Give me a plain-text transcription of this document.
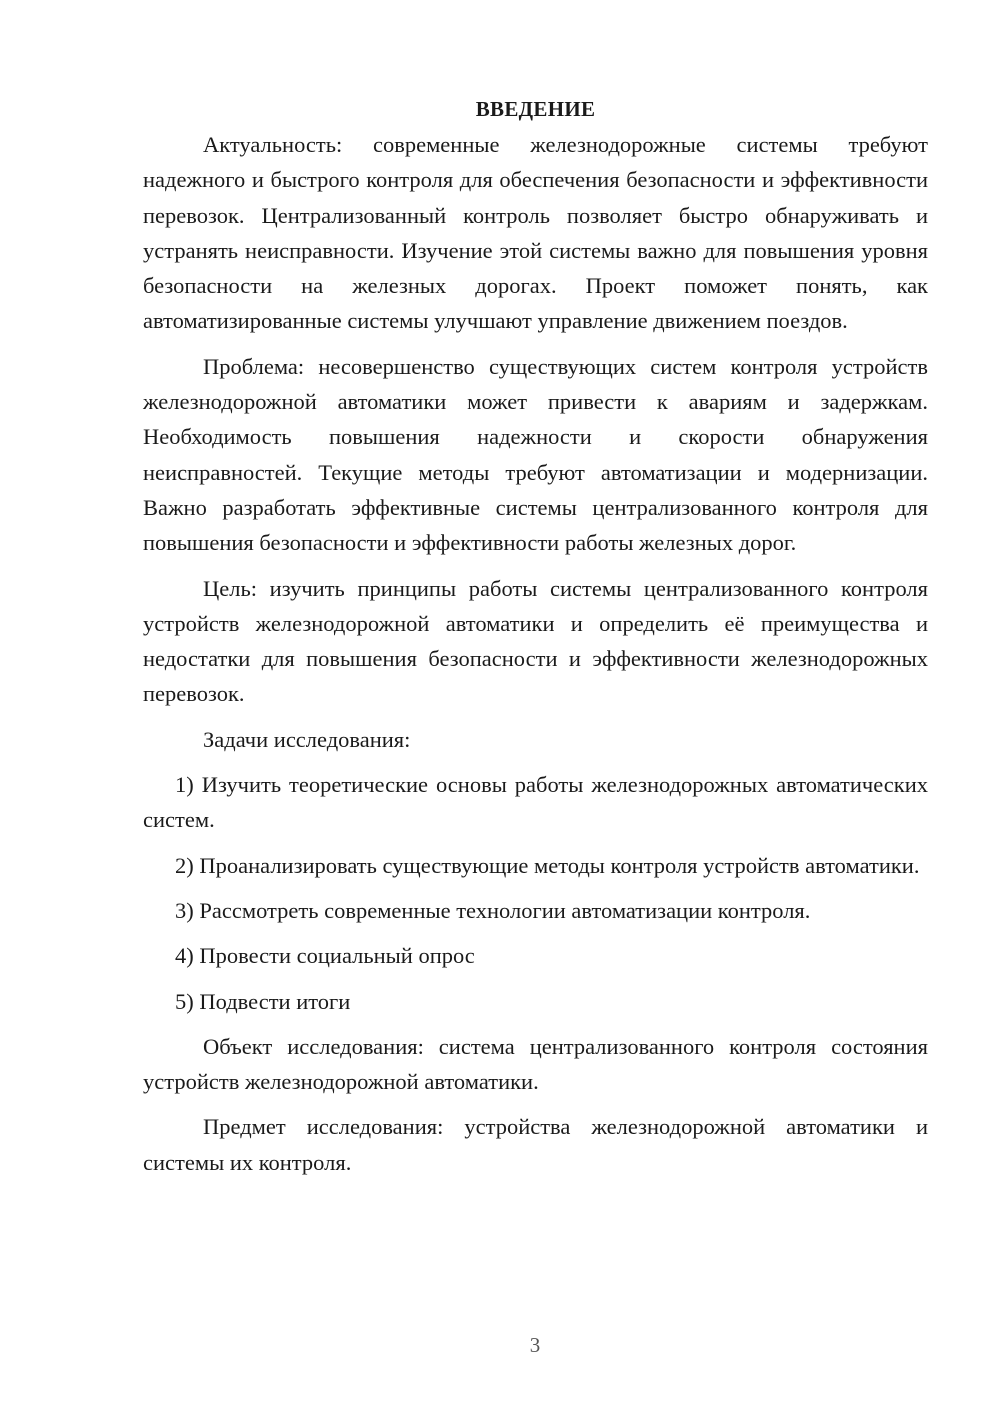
ВВЕДЕНИЕ

Актуальность: современные железнодорожные системы требуют надежного и быстрого контроля для обеспечения безопасности и эффективности перевозок. Централизованный контроль позволяет быстро обнаруживать и устранять неисправности. Изучение этой системы важно для повышения уровня безопасности на железных дорогах. Проект поможет понять, как автоматизированные системы улучшают управление движением поездов.

Проблема: несовершенство существующих систем контроля устройств железнодорожной автоматики может привести к авариям и задержкам. Необходимость повышения надежности и скорости обнаружения неисправностей. Текущие методы требуют автоматизации и модернизации. Важно разработать эффективные системы централизованного контроля для повышения безопасности и эффективности работы железных дорог.

Цель: изучить принципы работы системы централизованного контроля устройств железнодорожной автоматики и определить её преимущества и недостатки для повышения безопасности и эффективности железнодорожных перевозок.

Задачи исследования:

1) Изучить теоретические основы работы железнодорожных автоматических систем.

2) Проанализировать существующие методы контроля устройств автоматики.

3) Рассмотреть современные технологии автоматизации контроля.

4) Провести социальный опрос

5) Подвести итоги

Объект исследования: система централизованного контроля состояния устройств железнодорожной автоматики.

Предмет исследования: устройства железнодорожной автоматики и системы их контроля.

3
